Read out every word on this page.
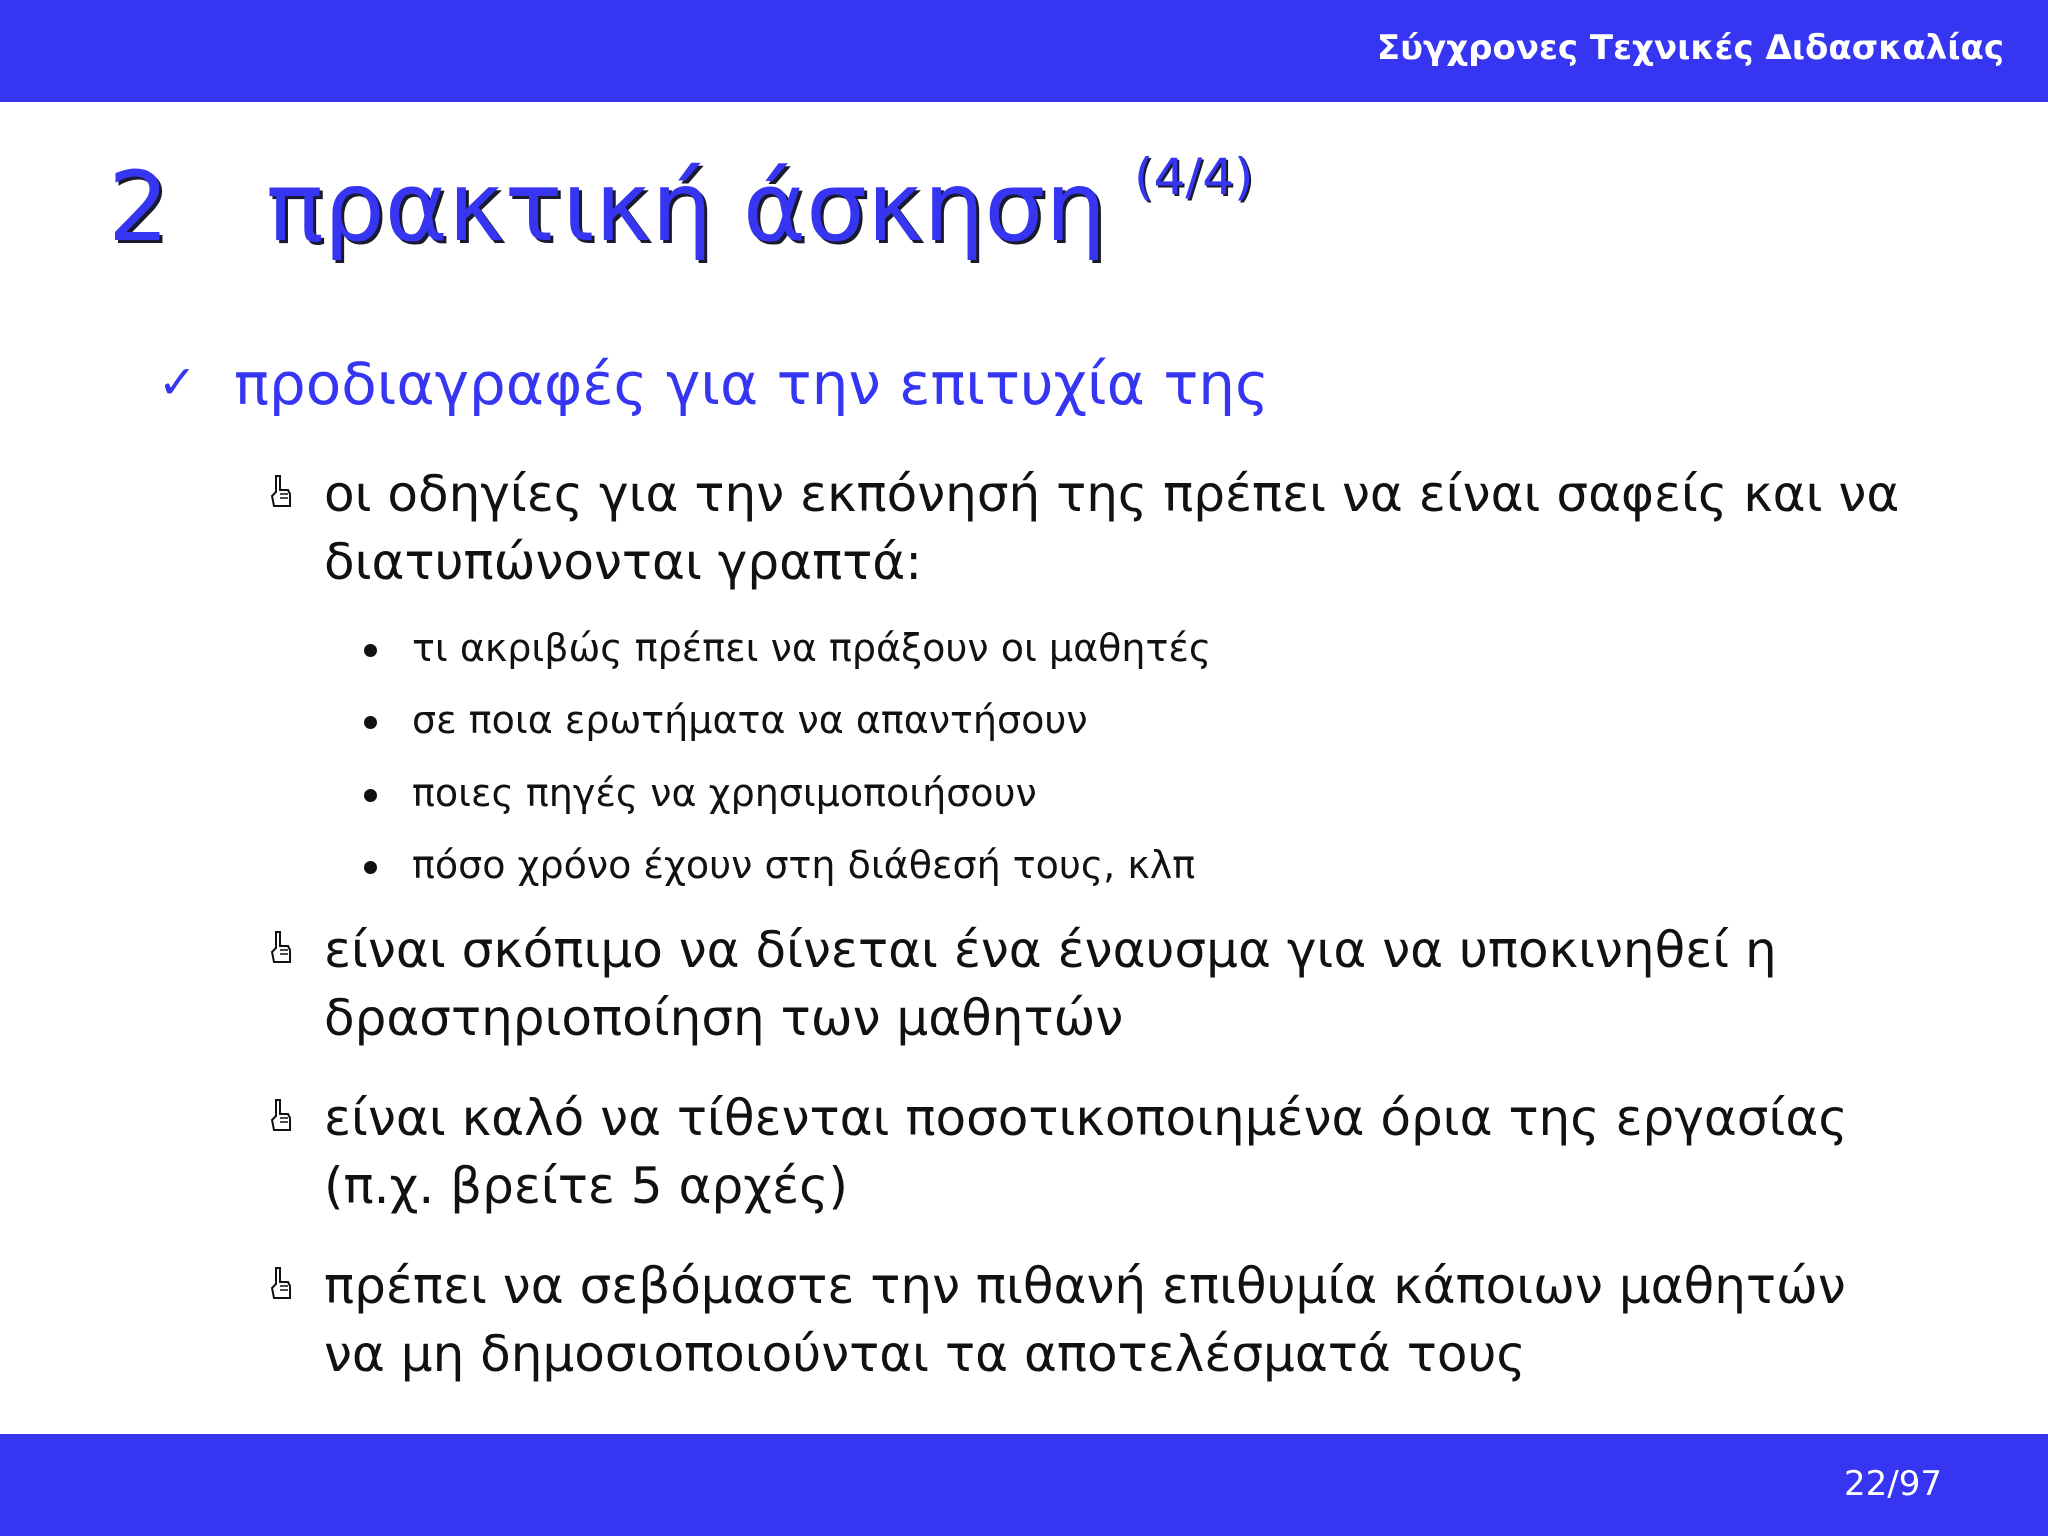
Σύγχρονες Τεχνικές Διδασκαλίας
2 πρακτική άσκηση $^{(4/4)}$
✓ προδιαγραφές για την επιτυχία της
οι οδηγίες για την εκπόνησή της πρέπει να είναι σαφείς και να διατυπώνονται γραπτά:
τι ακριβώς πρέπει να πράξουν οι μαθητές
σε ποια ερωτήματα να απαντήσουν
ποιες πηγές να χρησιμοποιήσουν
πόσο χρόνο έχουν στη διάθεσή τους, κλπ
είναι σκόπιμο να δίνεται ένα έναυσμα για να υποκινηθεί η δραστηριοποίηση των μαθητών
είναι καλό να τίθενται ποσοτικοποιημένα όρια της εργασίας (π.χ. βρείτε 5 αρχές)
πρέπει να σεβόμαστε την πιθανή επιθυμία κάποιων μαθητών να μη δημοσιοποιούνται τα αποτελέσματά τους
22/97
